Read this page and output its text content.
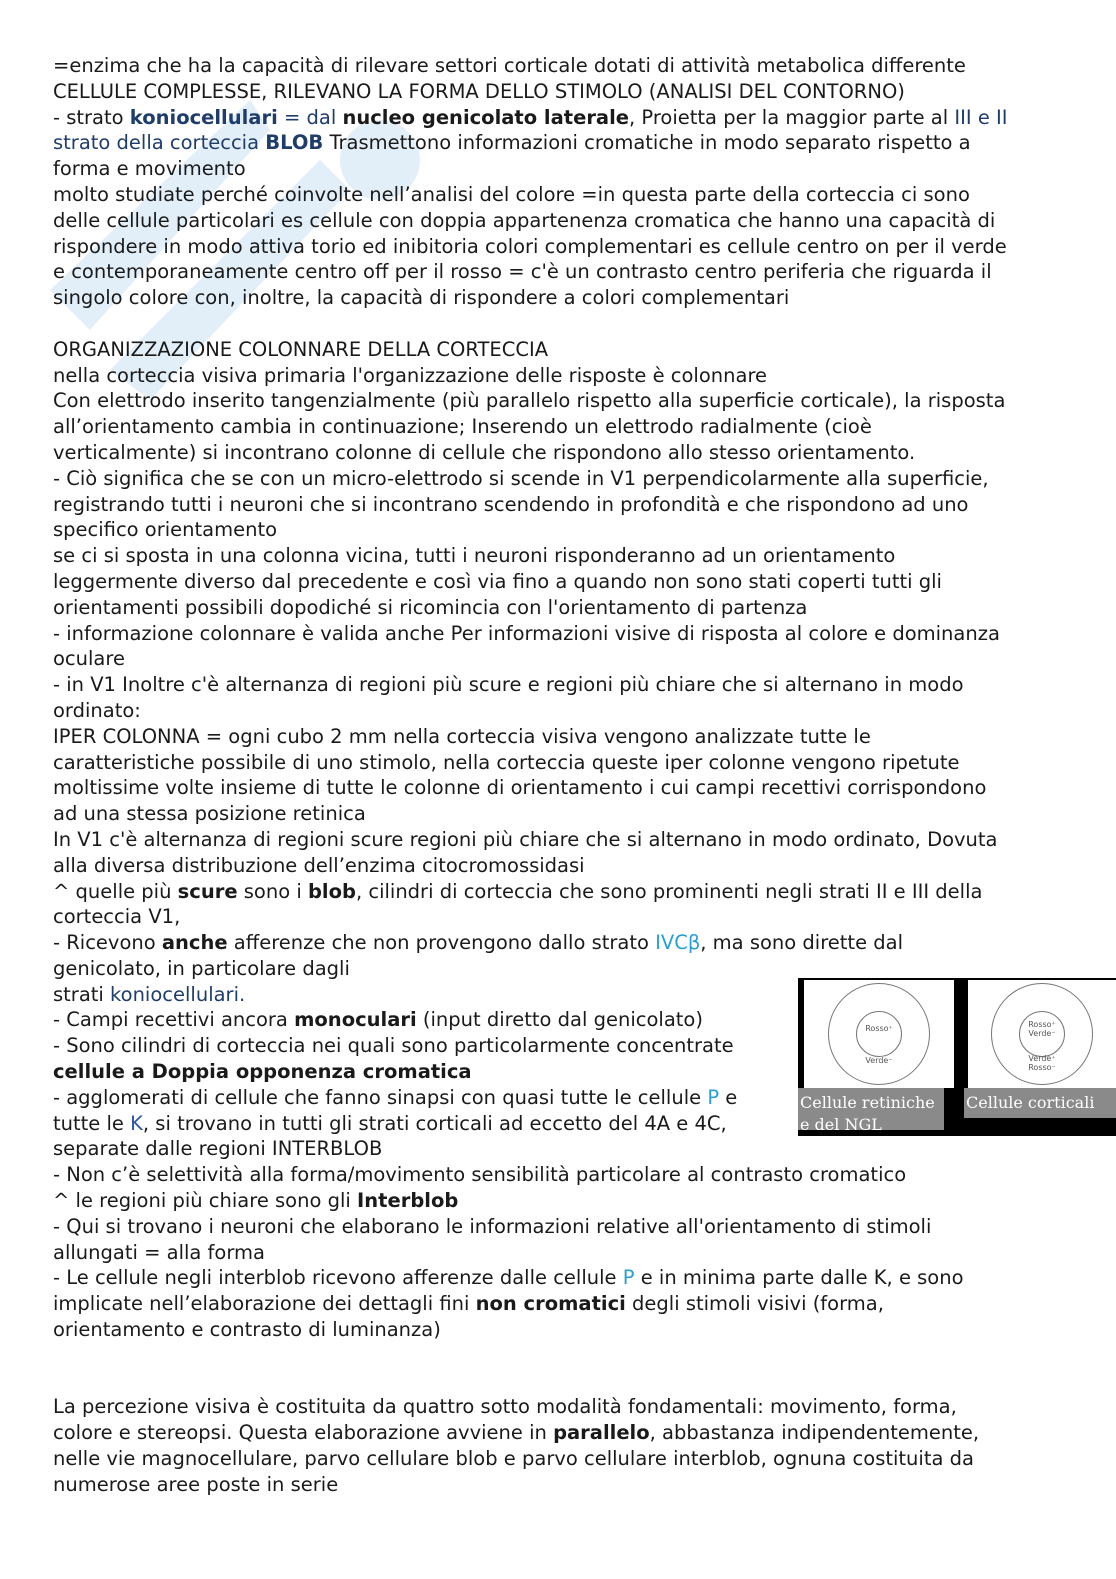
=enzima che ha la capacità di rilevare settori corticale dotati di attività metabolica differente
CELLULE COMPLESSE, RILEVANO LA FORMA DELLO STIMOLO (ANALISI DEL CONTORNO)
- strato koniocellulari = dal nucleo genicolato laterale, Proietta per la maggior parte al III e II
strato della corteccia BLOB Trasmettono informazioni cromatiche in modo separato rispetto a
forma e movimento
molto studiate perché coinvolte nell’analisi del colore =in questa parte della corteccia ci sono
delle cellule particolari es cellule con doppia appartenenza cromatica che hanno una capacità di
rispondere in modo attiva torio ed inibitoria colori complementari es cellule centro on per il verde
e contemporaneamente centro off per il rosso = c'è un contrasto centro periferia che riguarda il
singolo colore con, inoltre, la capacità di rispondere a colori complementari
ORGANIZZAZIONE COLONNARE DELLA CORTECCIA
nella corteccia visiva primaria l'organizzazione delle risposte è colonnare
Con elettrodo inserito tangenzialmente (più parallelo rispetto alla superficie corticale), la risposta
all’orientamento cambia in continuazione; Inserendo un elettrodo radialmente (cioè
verticalmente) si incontrano colonne di cellule che rispondono allo stesso orientamento.
- Ciò significa che se con un micro-elettrodo si scende in V1 perpendicolarmente alla superficie,
registrando tutti i neuroni che si incontrano scendendo in profondità e che rispondono ad uno
specifico orientamento
se ci si sposta in una colonna vicina, tutti i neuroni risponderanno ad un orientamento
leggermente diverso dal precedente e così via fino a quando non sono stati coperti tutti gli
orientamenti possibili dopodiché si ricomincia con l'orientamento di partenza
- informazione colonnare è valida anche Per informazioni visive di risposta al colore e dominanza
oculare
- in V1 Inoltre c'è alternanza di regioni più scure e regioni più chiare che si alternano in modo
ordinato:
IPER COLONNA = ogni cubo 2 mm nella corteccia visiva vengono analizzate tutte le
caratteristiche possibile di uno stimolo, nella corteccia queste iper colonne vengono ripetute
moltissime volte insieme di tutte le colonne di orientamento i cui campi recettivi corrispondono
ad una stessa posizione retinica
In V1 c'è alternanza di regioni scure regioni più chiare che si alternano in modo ordinato, Dovuta
alla diversa distribuzione dell’enzima citocromossidasi
^ quelle più scure sono i blob, cilindri di corteccia che sono prominenti negli strati II e III della
corteccia V1,
- Ricevono anche afferenze che non provengono dallo strato IVCβ, ma sono dirette dal
genicolato, in particolare dagli
strati koniocellulari.
- Campi recettivi ancora monoculari (input diretto dal genicolato)
- Sono cilindri di corteccia nei quali sono particolarmente concentrate
cellule a Doppia opponenza cromatica
- agglomerati di cellule che fanno sinapsi con quasi tutte le cellule P e
tutte le K, si trovano in tutti gli strati corticali ad eccetto del 4A e 4C,
separate dalle regioni INTERBLOB
- Non c’è selettività alla forma/movimento sensibilità particolare al contrasto cromatico
^ le regioni più chiare sono gli Interblob
- Qui si trovano i neuroni che elaborano le informazioni relative all'orientamento di stimoli
allungati = alla forma
- Le cellule negli interblob ricevono afferenze dalle cellule P e in minima parte dalle K, e sono
implicate nell’elaborazione dei dettagli fini non cromatici degli stimoli visivi (forma,
orientamento e contrasto di luminanza)
La percezione visiva è costituita da quattro sotto modalità fondamentali: movimento, forma,
colore e stereopsi. Questa elaborazione avviene in parallelo, abbastanza indipendentemente,
nelle vie magnocellulare, parvo cellulare blob e parvo cellulare interblob, ognuna costituita da
numerose aree poste in serie
Rosso⁺
Verde⁻
Rosso⁺ Verde⁻
Verde⁺ Rosso⁻
Cellule retiniche e del NGL
Cellule corticali
